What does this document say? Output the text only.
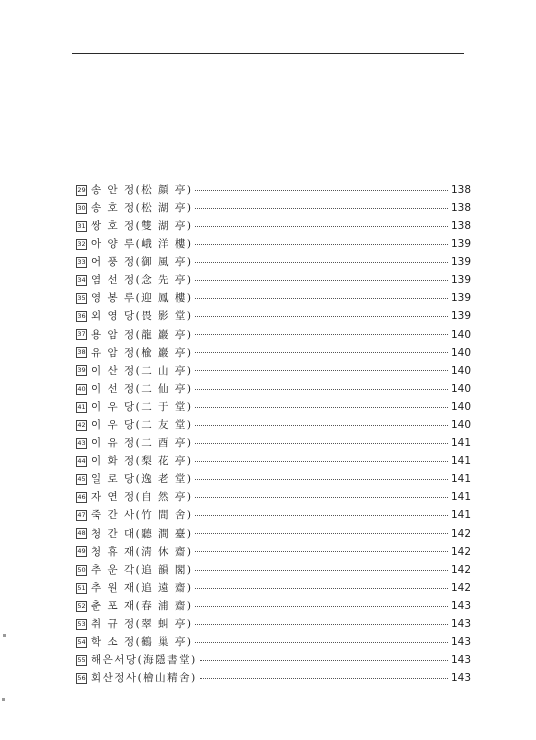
29 송 안 정(松 顔 亭)	138
30 송 호 정(松 湖 亭)	138
31 쌍 호 정(雙 湖 亭)	138
32 아 양 루(峨 洋 樓)	139
33 어 풍 정(御 風 亭)	139
34 염 선 정(念 先 亭)	139
35 영 봉 루(迎 鳳 樓)	139
36 외 영 당(畏 影 堂)	139
37 용 암 정(龍 巖 亭)	140
38 유 암 정(楡 巖 亭)	140
39 이 산 정(二 山 亭)	140
40 이 선 정(二 仙 亭)	140
41 이 우 당(二 于 堂)	140
42 이 우 당(二 友 堂)	140
43 이 유 정(二 酉 亭)	141
44 이 화 정(梨 花 亭)	141
45 일 로 당(逸 老 堂)	141
46 자 연 정(自 然 亭)	141
47 죽 간 사(竹 間 舍)	141
48 청 간 대(聽 澗 臺)	142
49 청 휴 재(淸 休 齋)	142
50 추 운 각(追 韻 閣)	142
51 추 원 재(追 遠 齋)	142
52 춘 포 재(春 浦 齋)	143
53 취 규 정(翠 虯 亭)	143
54 학 소 정(鶴 巢 亭)	143
55 해은서당(海隱書堂)	143
56 회산정사(檜山精舍)	143
